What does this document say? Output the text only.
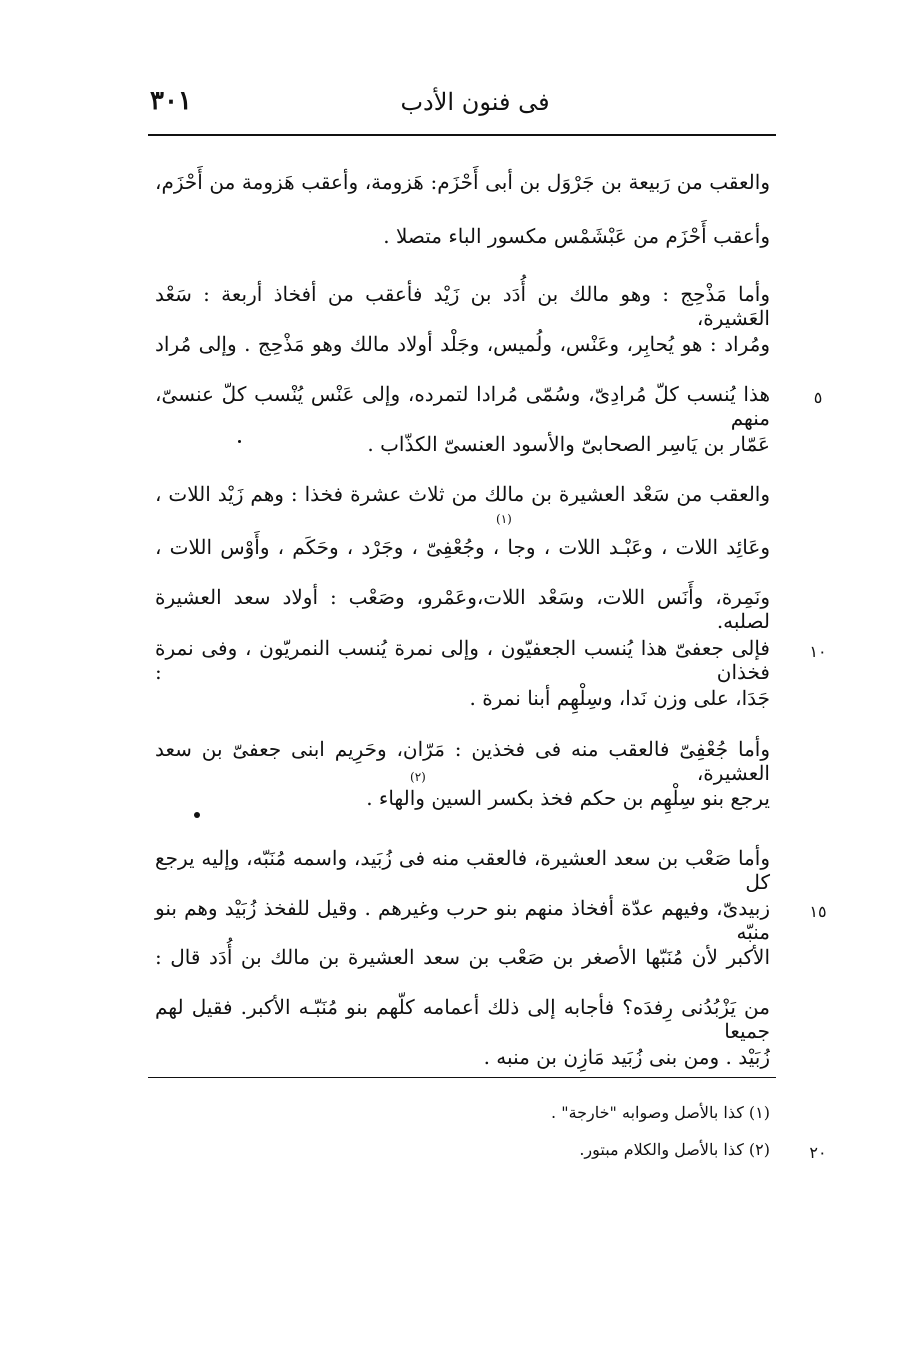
فى فنون الأدب
٣٠١
والعقب من رَبيعة بن جَرْوَل بن أبى أَحْزَم: هَزومة، وأعقب هَزومة من أَحْزَم،
وأعقب أَحْزَم من عَبْشَمْس مكسور الباء متصلا .
وأما مَذْحِج : وهو مالك بن أُدَد بن زَيْد فأعقب من أفخاذ أربعة : سَعْد العَشيرة،
ومُراد : هو يُحابِر، وعَنْس، ولُميس، وجَلْد أولاد مالك وهو مَذْحِج . وإلى مُراد
هذا يُنسب كلّ مُرادِىّ، وسُمّى مُرادا لتمرده، وإلى عَنْس يُنْسب كلّ عنسىّ، منهم
عَمّار بن يَاسِر الصحابىّ والأسود العنسىّ الكذّاب .
والعقب من سَعْد العشيرة بن مالك من ثلاث عشرة فخذا : وهم زَيْد اللات ،
وعَائِد اللات ، وعَبْـد اللات ، وجا ، وجُعْفِىّ ، وجَرْد ، وحَكَم ، وأَوْس اللات ،
ونَمِرة، وأَنَس اللات، وسَعْد اللات،وعَمْرو، وصَعْب : أولاد سعد العشيرة لصلبه.
فإلى جعفىّ هذا يُنسب الجعفيّون ، وإلى نمرة يُنسب النمريّون ، وفى نمرة فخذان :
جَدَا، على وزن نَدا، وسِلْهِم أبنا نمرة .
وأما جُعْفِىّ فالعقب منه فى فخذين : مَرّان، وحَرِيم ابنى جعفىّ بن سعد العشيرة،
يرجع بنو سِلْهِم بن حكم فخذ بكسر السين والهاء .
وأما صَعْب بن سعد العشيرة، فالعقب منه فى زُبَيد، واسمه مُنَبّه، وإليه يرجع كل
زبيدىّ، وفيهم عدّة أفخاذ منهم بنو حرب وغيرهم . وقيل للفخذ زُبَيْد وهم بنو منبّه
الأكبر لأن مُنَبّها الأصغر بن صَعْب بن سعد العشيرة بن مالك بن أُدَد قال :
من يَزْبُدُنى رِفدَه؟ فأجابه إلى ذلك أعمامه كلّهم بنو مُنَبّـه الأكبر. فقيل لهم جميعا
زُبَيْد . ومن بنى زُبَيد مَازِن بن منبه .
(١)
(٢)
٥
١٠
١٥
٢٠
(١) كذا بالأصل وصوابه "خارجة" .
(٢) كذا بالأصل والكلام مبتور.
